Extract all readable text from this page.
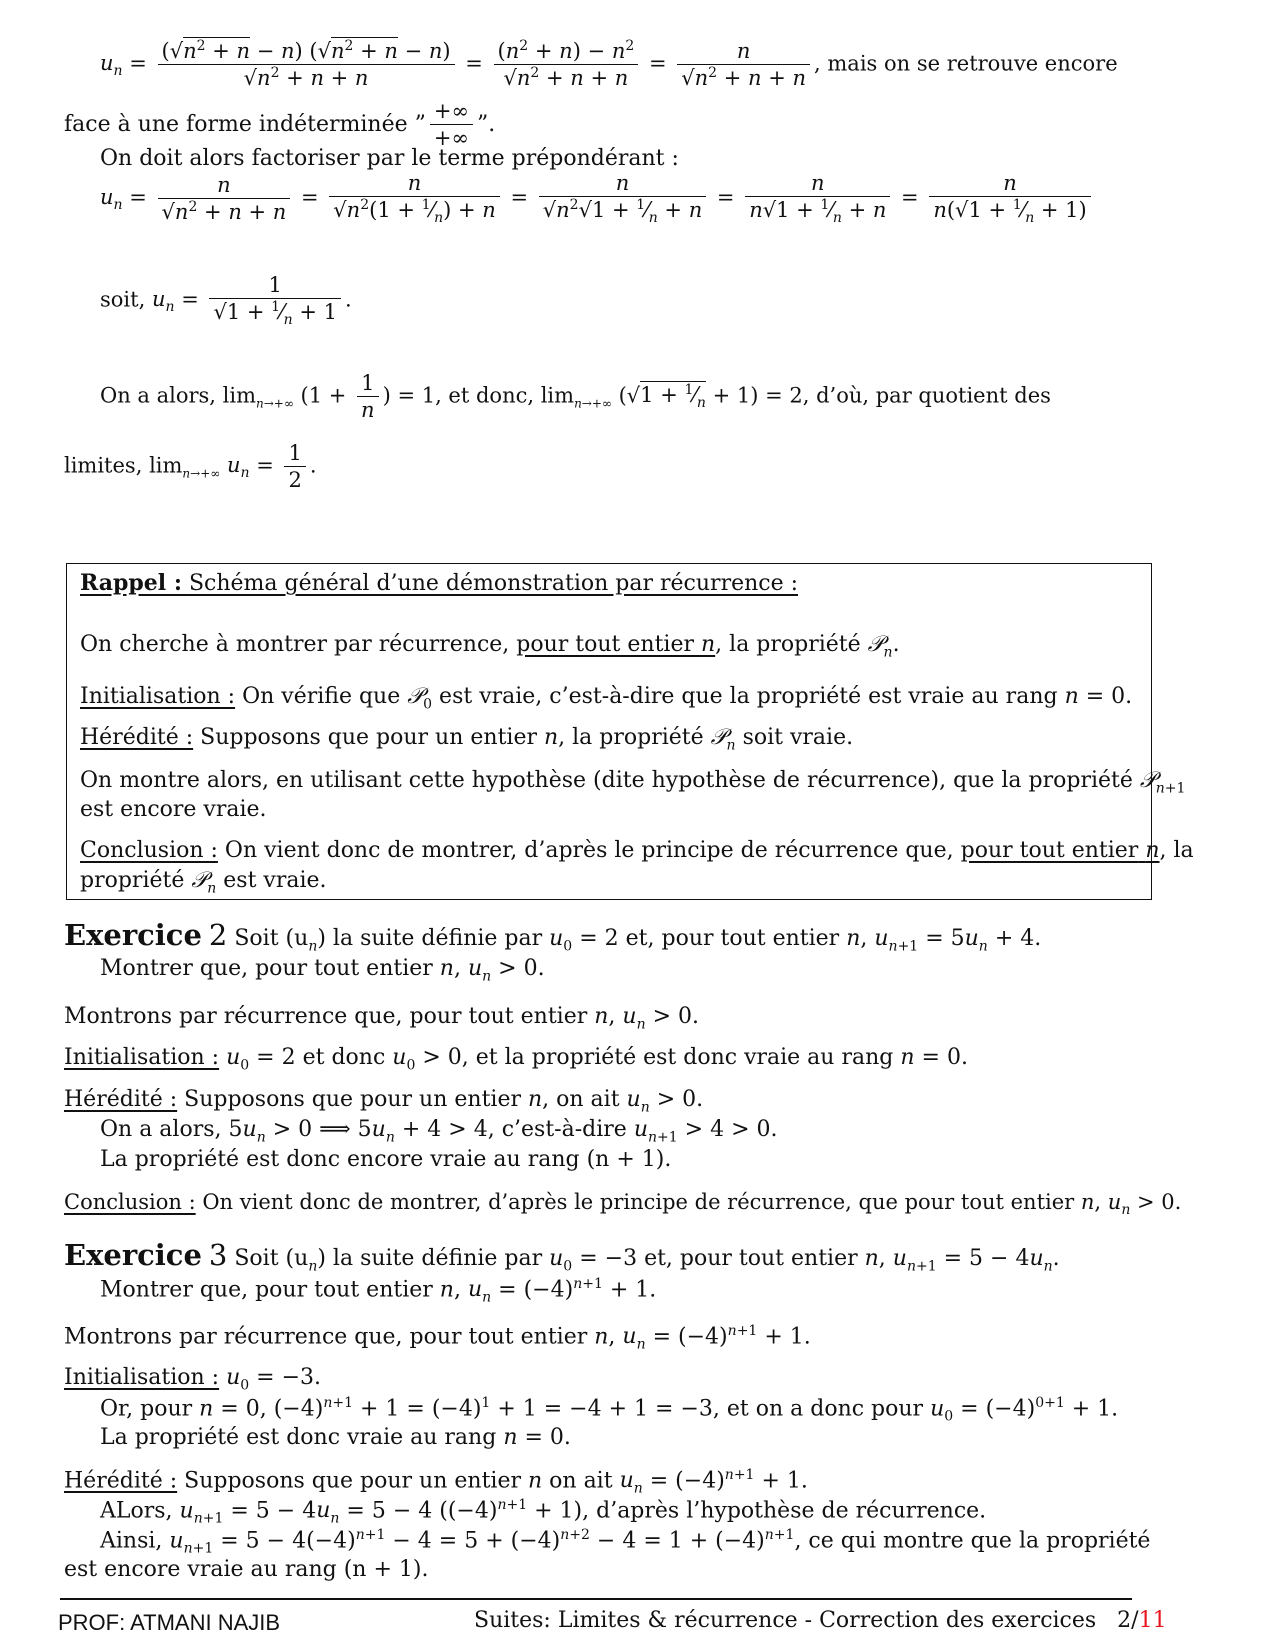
$u_n = \frac{(√n^2 + n - n) (√n^2 + n - n)}{√n^2 + n + n} = \frac{(n^2 + n) - n^2}{√n^2 + n + n} = \frac{n}{√n^2 + n + n}$ , mais on se retrouve encore
face à une forme indéterminée ” $\frac{+\infty}{+\infty}$ ”.
On doit alors factoriser par le terme prépondérant :
$u_n = \frac{n}{√n^2 + n + n} = \frac{n}{√n^2(1 + ^1⁄_n) + n} = \frac{n}{√n^2√1 + ^1⁄_n + n} = \frac{n}{n√1 + ^1⁄_n + n} = \frac{n}{n(√1 + ^1⁄_n + 1)}$
soit, $u_n = \frac{1}{√1 + ^1⁄_n + 1}$ .
On a alors, $\lim_{n\to+\infty} (1 + \frac{1}{n}$ ) = 1, et donc, $\lim_{n\to+\infty} (√1$ + $^1⁄_n + 1) = 2$, d’où, par quotient des
limites, $\lim_{n\to+\infty} u_n = \frac{1}{2}$ .
Rappel : Schéma général d’une démonstration par récurrence :
On cherche à montrer par récurrence, pour tout entier n, la propriété 𝒫$_n$.
Initialisation : On vérifie que 𝒫$_0$ est vraie, c’est-à-dire que la propriété est vraie au rang n = 0.
Hérédité : Supposons que pour un entier n, la propriété 𝒫$_n$ soit vraie.
On montre alors, en utilisant cette hypothèse (dite hypothèse de récurrence), que la propriété 𝒫$_{n+1}$
est encore vraie.
Conclusion : On vient donc de montrer, d’après le principe de récurrence que, pour tout entier n, la
propriété 𝒫$_n$ est vraie.
Exercice 2 Soit $(u_n)$ la suite définie par $u_0 = 2$ et, pour tout entier n, $u_{n+1} = 5u_n + 4$.
Montrer que, pour tout entier n, $u_n > 0$.
Montrons par récurrence que, pour tout entier n, $u_n > 0$.
Initialisation : $u_0 = 2$ et donc $u_0 > 0$, et la propriété est donc vraie au rang n = 0.
Hérédité : Supposons que pour un entier n, on ait $u_n > 0$.
On a alors, $5u_n > 0$ ⟹ $5u_n + 4 > 4$, c’est-à-dire $u_{n+1} > 4 > 0$.
La propriété est donc encore vraie au rang (n + 1).
Conclusion : On vient donc de montrer, d’après le principe de récurrence, que pour tout entier n, $u_n > 0$.
Exercice 3 Soit $(u_n)$ la suite définie par $u_0 = -3$ et, pour tout entier n, $u_{n+1} = 5 - 4u_n$.
Montrer que, pour tout entier n, $u_n = (-4)^{n+1} + 1$.
Montrons par récurrence que, pour tout entier n, $u_n = (-4)^{n+1} + 1$.
Initialisation : $u_0 = -3$.
Or, pour n = 0, $(-4)^{n+1} + 1 = (-4)^1 + 1 = -4 + 1 = -3$, et on a donc pour $u_0 = (-4)^{0+1} + 1$.
La propriété est donc vraie au rang n = 0.
Hérédité : Supposons que pour un entier n on ait $u_n = (-4)^{n+1} + 1$.
ALors, $u_{n+1} = 5 - 4u_n = 5 - 4$ $((-4)^{n+1} + 1)$, d’après l’hypothèse de récurrence.
Ainsi, $u_{n+1} = 5 - 4(-4)^{n+1} - 4 = 5 + (-4)^{n+2} - 4 = 1 + (-4)^{n+1}$, ce qui montre que la propriété
est encore vraie au rang (n + 1).
PROF: ATMANI NAJIB	Suites: Limites & récurrence - Correction des exercices 2/11
